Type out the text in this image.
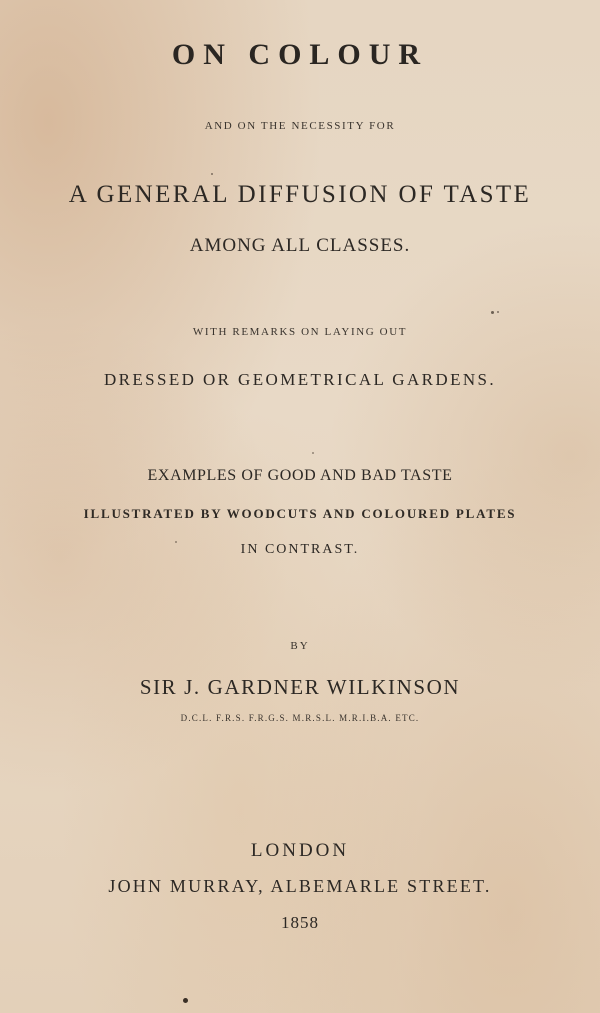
ON COLOUR

AND ON THE NECESSITY FOR

A GENERAL DIFFUSION OF TASTE

AMONG ALL CLASSES.

WITH REMARKS ON LAYING OUT

DRESSED OR GEOMETRICAL GARDENS.

EXAMPLES OF GOOD AND BAD TASTE

ILLUSTRATED BY WOODCUTS AND COLOURED PLATES

IN CONTRAST.

BY

SIR J. GARDNER WILKINSON

D.C.L. F.R.S. F.R.G.S. M.R.S.L. M.R.I.B.A. ETC.

LONDON

JOHN MURRAY, ALBEMARLE STREET.

1858
